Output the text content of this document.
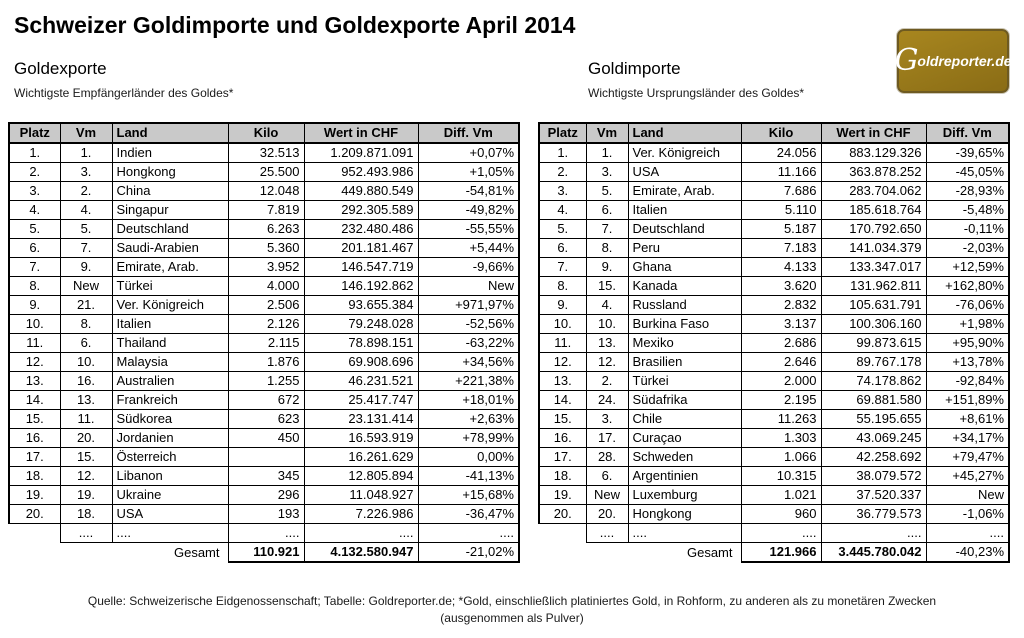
Schweizer Goldimporte und Goldexporte April 2014
G oldreporter.de
Goldexporte
Wichtigste Empfängerländer des Goldes*
Platz	Vm	Land	Kilo	Wert in CHF	Diff. Vm
1.	1.	Indien	32.513	1.209.871.091	+0,07%
2.	3.	Hongkong	25.500	952.493.986	+1,05%
3.	2.	China	12.048	449.880.549	-54,81%
4.	4.	Singapur	7.819	292.305.589	-49,82%
5.	5.	Deutschland	6.263	232.480.486	-55,55%
6.	7.	Saudi-Arabien	5.360	201.181.467	+5,44%
7.	9.	Emirate, Arab.	3.952	146.547.719	-9,66%
8.	New	Türkei	4.000	146.192.862	New
9.	21.	Ver. Königreich	2.506	93.655.384	+971,97%
10.	8.	Italien	2.126	79.248.028	-52,56%
11.	6.	Thailand	2.115	78.898.151	-63,22%
12.	10.	Malaysia	1.876	69.908.696	+34,56%
13.	16.	Australien	1.255	46.231.521	+221,38%
14.	13.	Frankreich	672	25.417.747	+18,01%
15.	11.	Südkorea	623	23.131.414	+2,63%
16.	20.	Jordanien	450	16.593.919	+78,99%
17.	15.	Österreich		16.261.629	0,00%
18.	12.	Libanon	345	12.805.894	-41,13%
19.	19.	Ukraine	296	11.048.927	+15,68%
20.	18.	USA	193	7.226.986	-36,47%
	....	....	....	....	....
		Gesamt	110.921	4.132.580.947	-21,02%
Goldimporte
Wichtigste Ursprungsländer des Goldes*
Platz	Vm	Land	Kilo	Wert in CHF	Diff. Vm
1.	1.	Ver. Königreich	24.056	883.129.326	-39,65%
2.	3.	USA	11.166	363.878.252	-45,05%
3.	5.	Emirate, Arab.	7.686	283.704.062	-28,93%
4.	6.	Italien	5.110	185.618.764	-5,48%
5.	7.	Deutschland	5.187	170.792.650	-0,11%
6.	8.	Peru	7.183	141.034.379	-2,03%
7.	9.	Ghana	4.133	133.347.017	+12,59%
8.	15.	Kanada	3.620	131.962.811	+162,80%
9.	4.	Russland	2.832	105.631.791	-76,06%
10.	10.	Burkina Faso	3.137	100.306.160	+1,98%
11.	13.	Mexiko	2.686	99.873.615	+95,90%
12.	12.	Brasilien	2.646	89.767.178	+13,78%
13.	2.	Türkei	2.000	74.178.862	-92,84%
14.	24.	Südafrika	2.195	69.881.580	+151,89%
15.	3.	Chile	11.263	55.195.655	+8,61%
16.	17.	Curaçao	1.303	43.069.245	+34,17%
17.	28.	Schweden	1.066	42.258.692	+79,47%
18.	6.	Argentinien	10.315	38.079.572	+45,27%
19.	New	Luxemburg	1.021	37.520.337	New
20.	20.	Hongkong	960	36.779.573	-1,06%
	....	....	....	....	....
		Gesamt	121.966	3.445.780.042	-40,23%
Quelle: Schweizerische Eidgenossenschaft; Tabelle: Goldreporter.de; *Gold, einschließlich platiniertes Gold, in Rohform, zu anderen als zu monetären Zwecken
(ausgenommen als Pulver)
